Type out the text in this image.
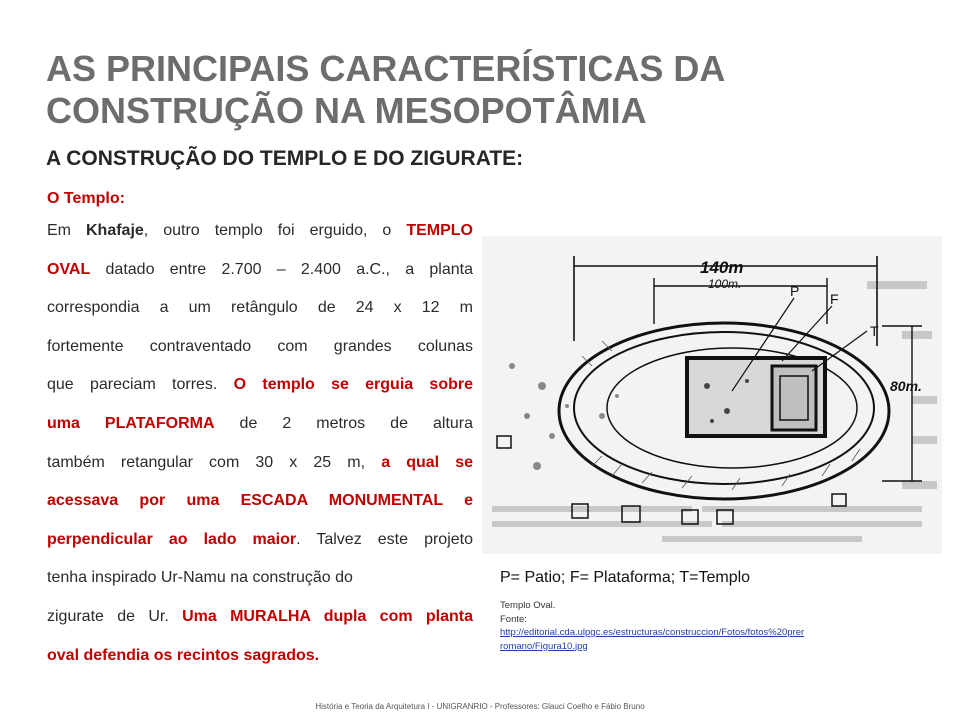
AS PRINCIPAIS CARACTERÍSTICAS DA
CONSTRUÇÃO NA MESOPOTÂMIA
A CONSTRUÇÃO DO TEMPLO E DO ZIGURATE:

O Templo:

Em Khafaje, outro templo foi erguido, o TEMPLO
OVAL datado entre 2.700 – 2.400 a.C., a planta
correspondia a um retângulo de 24 x 12 m
fortemente contraventado com grandes colunas
que pareciam torres. O templo se erguia sobre
uma PLATAFORMA de 2 metros de altura
também retangular com 30 x 25 m, a qual se
acessava por uma ESCADA MONUMENTAL e
perpendicular ao lado maior. Talvez este projeto
tenha inspirado Ur-Namu na construção do
zigurate de Ur. Uma MURALHA dupla com planta
oval defendia os recintos sagrados.
140m
100m.
80m.
P F
T
P= Patio; F= Plataforma; T=Templo
Templo Oval.
Fonte:
http://editorial.cda.ulpgc.es/estructuras/construccion/Fotos/fotos%20prer
romano/Figura10.jpg
História e Teoria da Arquitetura I - UNIGRANRIO - Professores: Glauci Coelho e Fábio Bruno
